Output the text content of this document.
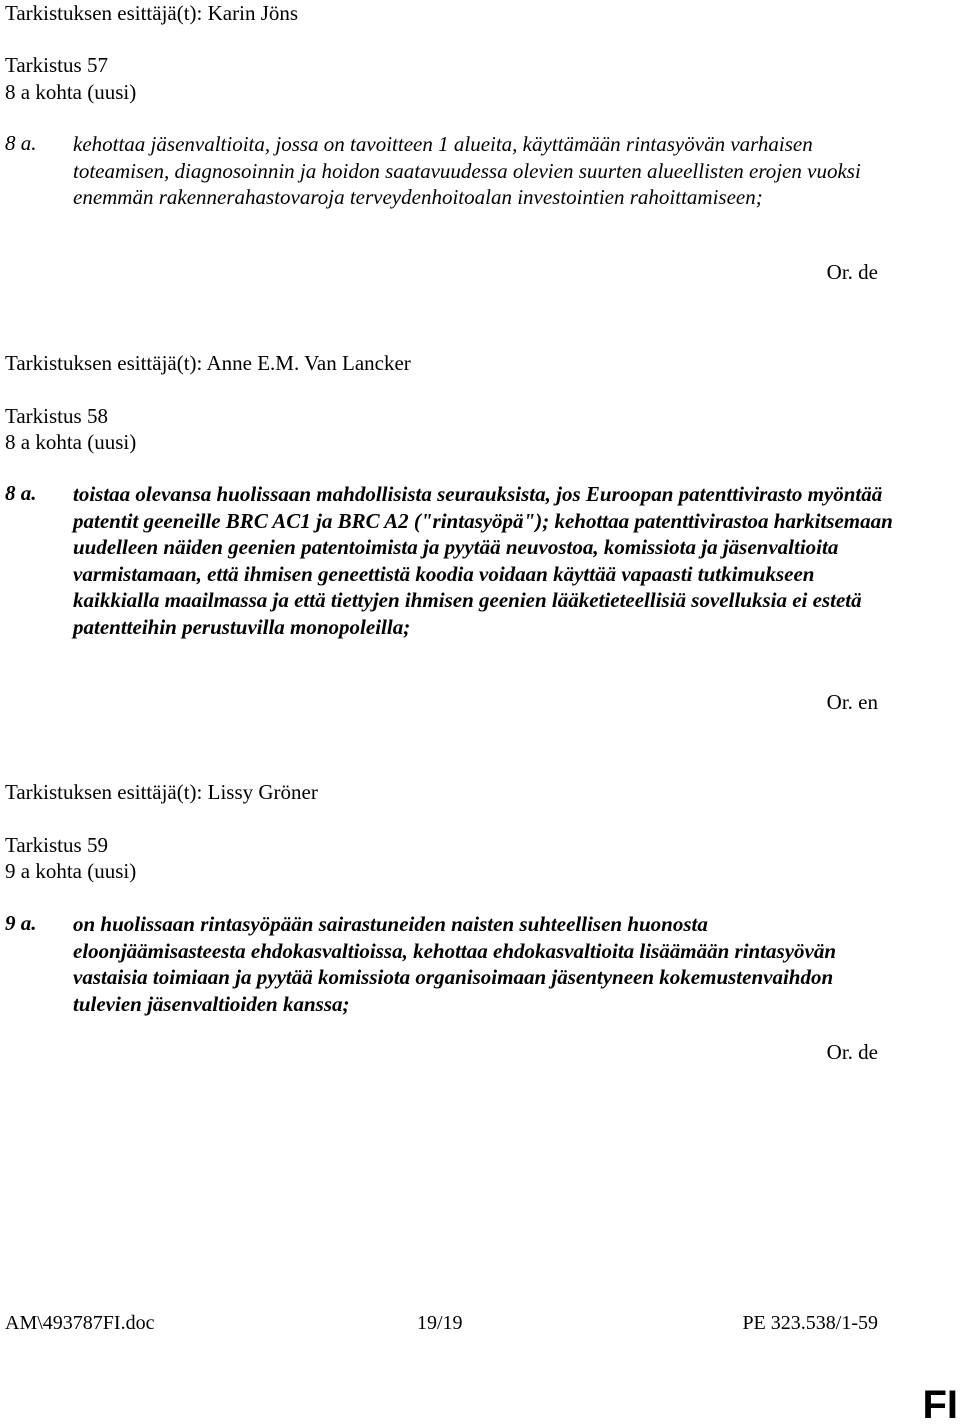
Tarkistuksen esittäjä(t): Karin Jöns
Tarkistus 57
8 a kohta (uusi)
8 a. kehottaa jäsenvaltioita, jossa on tavoitteen 1 alueita, käyttämään rintasyövän varhaisen toteamisen, diagnosoinnin ja hoidon saatavuudessa olevien suurten alueellisten erojen vuoksi enemmän rakennerahastovaroja terveydenhoitoalan investointien rahoittamiseen;
Or. de
Tarkistuksen esittäjä(t): Anne E.M. Van Lancker
Tarkistus 58
8 a kohta (uusi)
8 a. toistaa olevansa huolissaan mahdollisista seurauksista, jos Euroopan patenttivirasto myöntää patentit geeneille BRC AC1 ja BRC A2 ("rintasyöpä"); kehottaa patenttivirastoa harkitsemaan uudelleen näiden geenien patentoimista ja pyytää neuvostoa, komissiota ja jäsenvaltioita varmistamaan, että ihmisen geneettistä koodia voidaan käyttää vapaasti tutkimukseen kaikkialla maailmassa ja että tiettyjen ihmisen geenien lääketieteellisiä sovelluksia ei estetä patentteihin perustuvilla monopoleilla;
Or. en
Tarkistuksen esittäjä(t): Lissy Gröner
Tarkistus 59
9 a kohta (uusi)
9 a. on huolissaan rintasyöpään sairastuneiden naisten suhteellisen huonosta eloonjäämisasteesta ehdokasvaltioissa, kehottaa ehdokasvaltioita lisäämään rintasyövän vastaisia toimiaan ja pyytää komissiota organisoimaan jäsentyneen kokemustenvaihdon tulevien jäsenvaltioiden kanssa;
Or. de
AM\493787FI.doc	19/19	PE 323.538/1-59
FI
